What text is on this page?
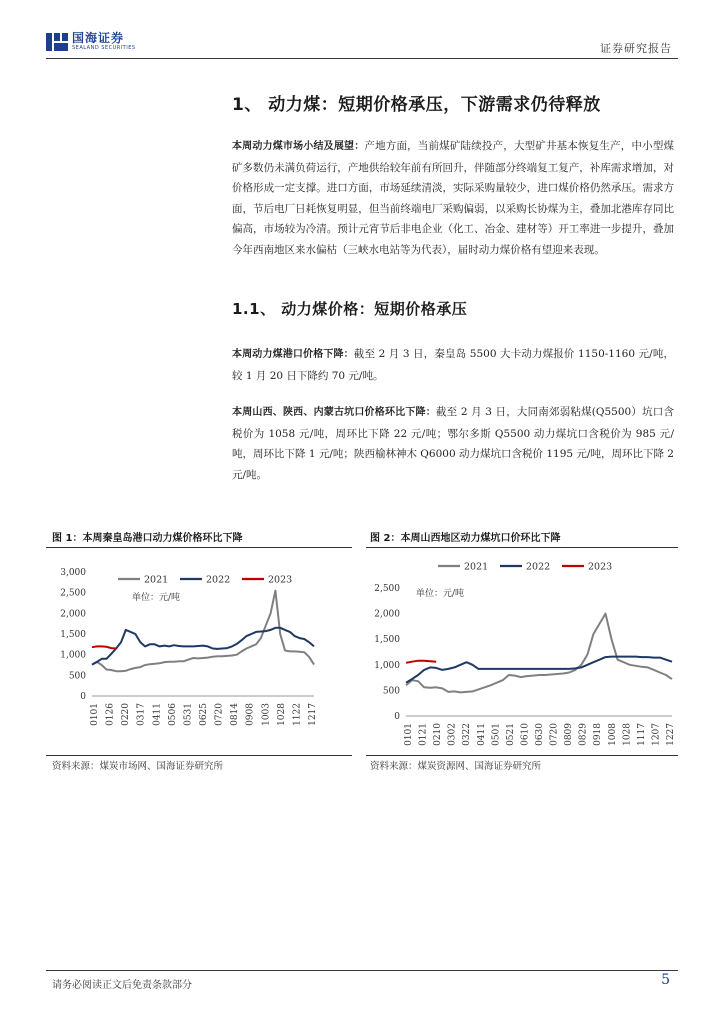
国海证券
SEALAND SECURITIES	证券研究报告
1、 动力煤：短期价格承压，下游需求仍待释放
本周动力煤市场小结及展望：产地方面，当前煤矿陆续投产，大型矿井基本恢复生产，中小型煤矿多数仍未满负荷运行，产地供给较年前有所回升，伴随部分终端复工复产，补库需求增加，对价格形成一定支撑。进口方面，市场延续清淡，实际采购量较少，进口煤价格仍然承压。需求方面，节后电厂日耗恢复明显，但当前终端电厂采购偏弱，以采购长协煤为主，叠加北港库存同比偏高，市场较为冷清。预计元宵节后非电企业（化工、冶金、建材等）开工率进一步提升，叠加今年西南地区来水偏枯（三峡水电站等为代表），届时动力煤价格有望迎来表现。
1.1、 动力煤价格：短期价格承压
本周动力煤港口价格下降：截至 2 月 3 日，秦皇岛 5500 大卡动力煤报价 1150-1160 元/吨，较 1 月 20 日下降约 70 元/吨。
本周山西、陕西、内蒙古坑口价格环比下降：截至 2 月 3 日，大同南郊弱粘煤(Q5500）坑口含税价为 1058 元/吨，周环比下降 22 元/吨；鄂尔多斯 Q5500 动力煤坑口含税价为 985 元/吨，周环比下降 1 元/吨；陕西榆林神木 Q6000 动力煤坑口含税价 1195 元/吨，周环比下降 2 元/吨。
图 1：本周秦皇岛港口动力煤价格环比下降
0
500
1,000
1,500
2,000
2,500
3,000
0101 0126 0220 0317 0411 0506 0531 0625 0720 0814 0908 1003 1028 1122 1217
2021	2022	2023
单位：元/吨
资料来源：煤炭市场网、国海证券研究所
图 2：本周山西地区动力煤坑口价环比下降
0
500
1,000
1,500
2,000
2,500
0101 0121 0210 0302 0322 0411 0501 0521 0610 0630 0720 0809 0829 0918 1008 1028 1117 1207 1227
2021	2022	2023
单位：元/吨
资料来源：煤炭资源网、国海证券研究所
请务必阅读正文后免责条款部分	5
